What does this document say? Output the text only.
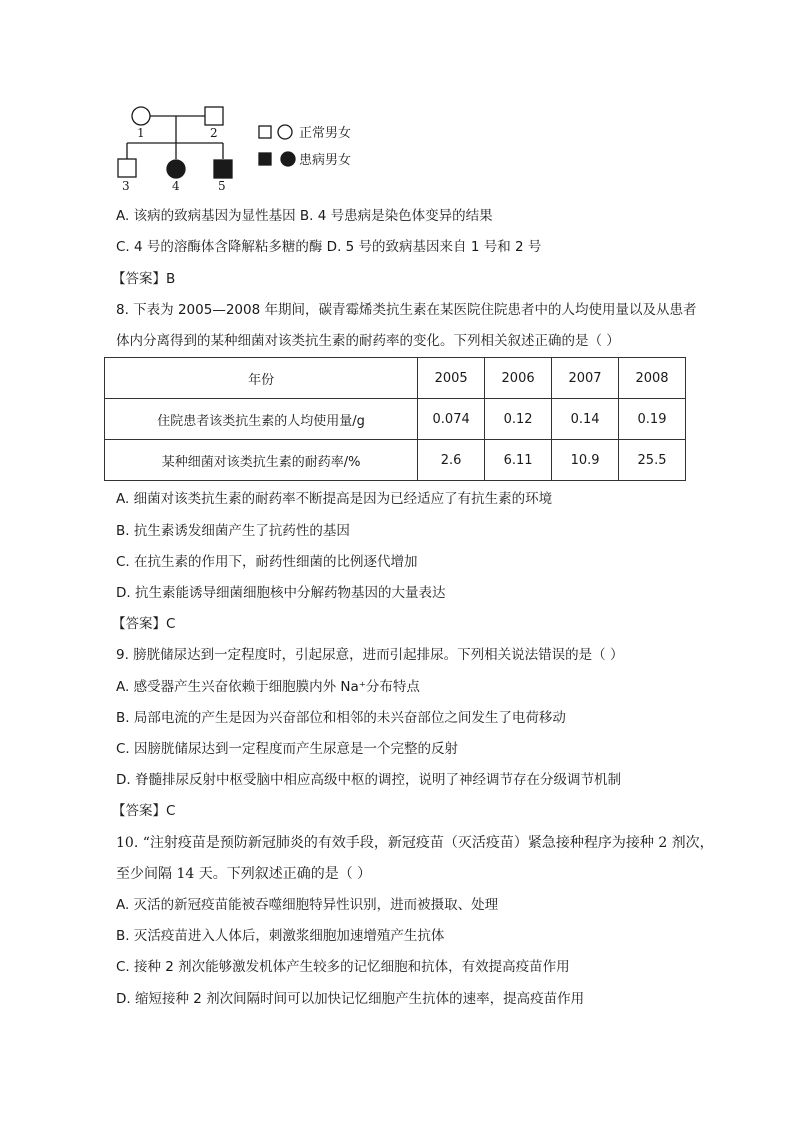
1	2
3	4	5
正常男女
患病男女
A. 该病的致病基因为显性基因 B. 4 号患病是染色体变异的结果
C. 4 号的溶酶体含降解粘多糖的酶 D. 5 号的致病基因来自 1 号和 2 号
【答案】B
8. 下表为 2005—2008 年期间，碳青霉烯类抗生素在某医院住院患者中的人均使用量以及从患者
体内分离得到的某种细菌对该类抗生素的耐药率的变化。下列相关叙述正确的是（ ）
年份	2005	2006	2007	2008
住院患者该类抗生素的人均使用量/g	0.074	0.12	0.14	0.19
某种细菌对该类抗生素的耐药率/%	2.6	6.11	10.9	25.5
A. 细菌对该类抗生素的耐药率不断提高是因为已经适应了有抗生素的环境
B. 抗生素诱发细菌产生了抗药性的基因
C. 在抗生素的作用下，耐药性细菌的比例逐代增加
D. 抗生素能诱导细菌细胞核中分解药物基因的大量表达
【答案】C
9. 膀胱储尿达到一定程度时，引起尿意，进而引起排尿。下列相关说法错误的是（ ）
A. 感受器产生兴奋依赖于细胞膜内外 Na⁺分布特点
B. 局部电流的产生是因为兴奋部位和相邻的未兴奋部位之间发生了电荷移动
C. 因膀胱储尿达到一定程度而产生尿意是一个完整的反射
D. 脊髓排尿反射中枢受脑中相应高级中枢的调控，说明了神经调节存在分级调节机制
【答案】C
10. “注射疫苗是预防新冠肺炎的有效手段，新冠疫苗（灭活疫苗）紧急接种程序为接种 2 剂次，
至少间隔 14 天。下列叙述正确的是（ ）
A. 灭活的新冠疫苗能被吞噬细胞特异性识别，进而被摄取、处理
B. 灭活疫苗进入人体后，刺激浆细胞加速增殖产生抗体
C. 接种 2 剂次能够激发机体产生较多的记忆细胞和抗体，有效提高疫苗作用
D. 缩短接种 2 剂次间隔时间可以加快记忆细胞产生抗体的速率，提高疫苗作用
